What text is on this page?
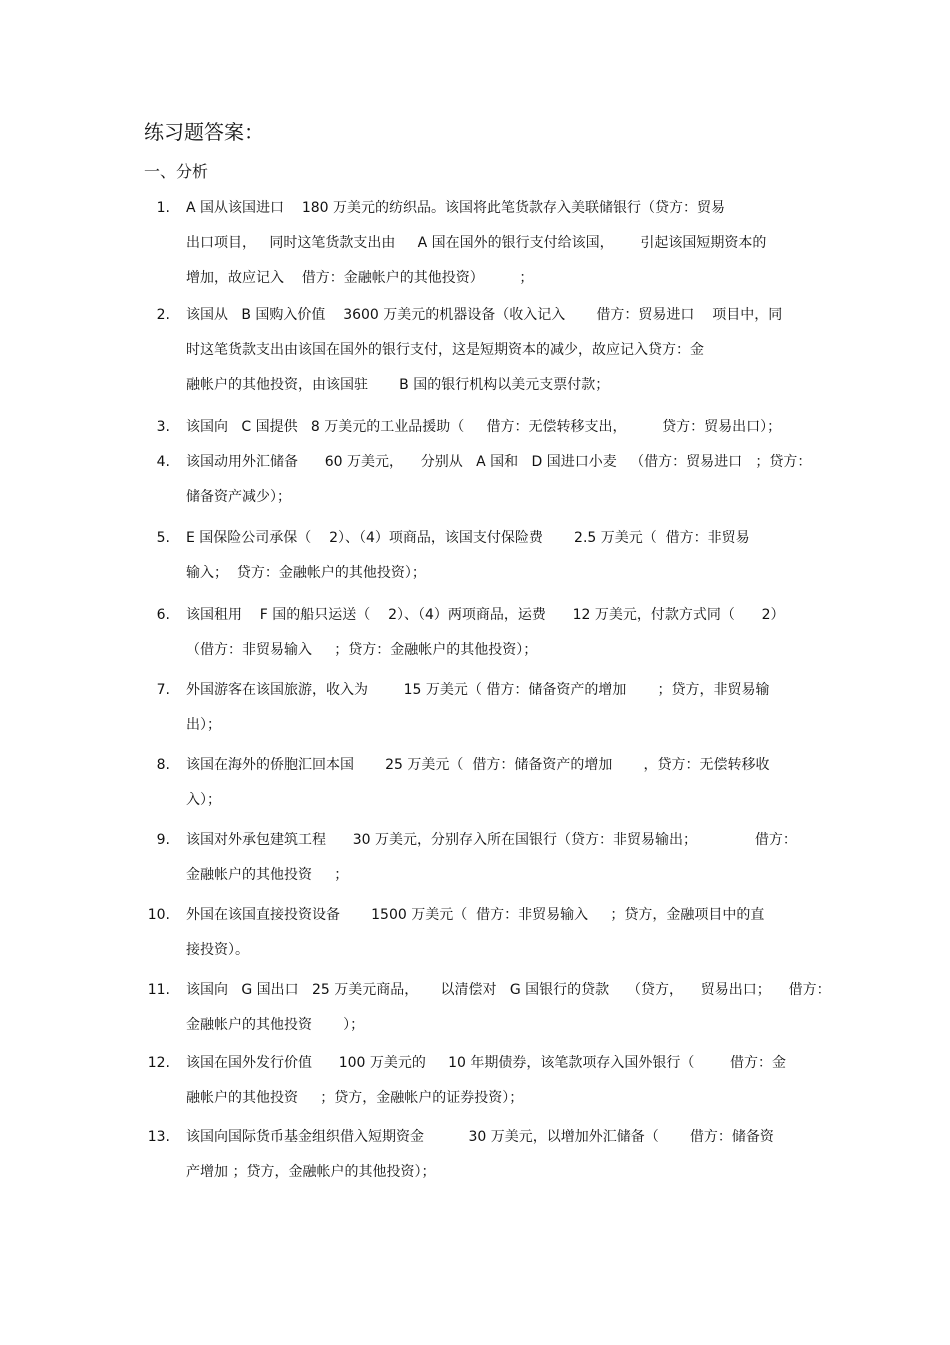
练习题答案：
一、分析
1. A 国从该国进口    180 万美元的纺织品。该国将此笔货款存入美联储银行（贷方：贸易
出口项目，   同时这笔货款支出由     A 国在国外的银行支付给该国，      引起该国短期资本的
增加，故应记入    借方：金融帐户的其他投资）        ；
2. 该国从   B 国购入价值    3600 万美元的机器设备（收入记入       借方：贸易进口    项目中，同
时这笔货款支出由该国在国外的银行支付，这是短期资本的减少，故应记入贷方：金
融帐户的其他投资，由该国驻       B 国的银行机构以美元支票付款；
3. 该国向   C 国提供   8 万美元的工业品援助（     借方：无偿转移支出，        贷方：贸易出口）；
4. 该国动用外汇储备      60 万美元，    分别从   A 国和   D 国进口小麦   （借方：贸易进口   ；贷方：
储备资产减少）；
5. E 国保险公司承保（    2）、（4）项商品，该国支付保险费       2.5 万美元（  借方：非贸易
输入；  贷方：金融帐户的其他投资）；
6. 该国租用    F 国的船只运送（    2）、（4）两项商品，运费      12 万美元，付款方式同（      2）
（借方：非贸易输入     ；贷方：金融帐户的其他投资）；
7. 外国游客在该国旅游，收入为        15 万美元（ 借方：储备资产的增加       ；贷方，非贸易输
出）；
8. 该国在海外的侨胞汇回本国       25 万美元（  借方：储备资产的增加       ，贷方：无偿转移收
入）；
9. 该国对外承包建筑工程      30 万美元，分别存入所在国银行（贷方：非贸易输出；             借方：
金融帐户的其他投资     ；
10. 外国在该国直接投资设备       1500 万美元（  借方：非贸易输入     ；贷方，金融项目中的直
接投资）。
11. 该国向   G 国出口   25 万美元商品，     以清偿对   G 国银行的贷款    （贷方，    贸易出口；    借方：
金融帐户的其他投资       ）；
12. 该国在国外发行价值      100 万美元的     10 年期债券，该笔款项存入国外银行（        借方：金
融帐户的其他投资     ；贷方，金融帐户的证券投资）；
13. 该国向国际货币基金组织借入短期资金          30 万美元，以增加外汇储备（       借方：储备资
产增加 ；贷方，金融帐户的其他投资）；
